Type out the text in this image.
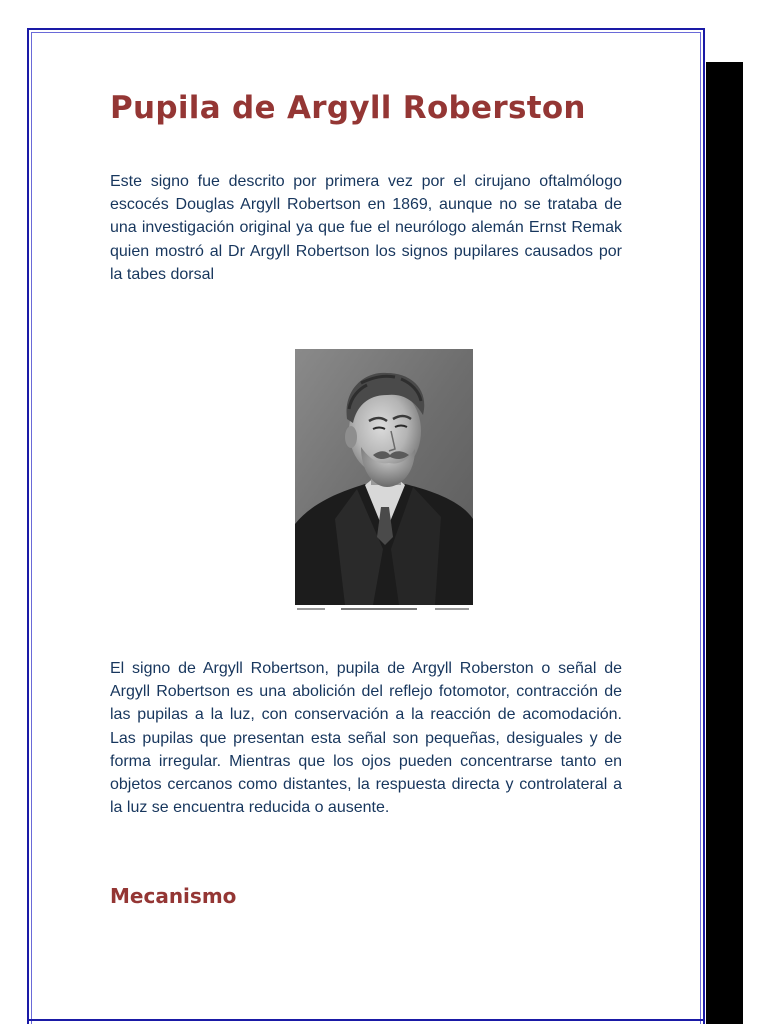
Pupila de Argyll Roberston

Este signo fue descrito por primera vez por el cirujano oftalmólogo escocés Douglas Argyll Robertson en 1869, aunque no se trataba de una investigación original ya que fue el neurólogo alemán Ernst Remak quien mostró al Dr Argyll Robertson los signos pupilares causados por la tabes dorsal

El signo de Argyll Robertson, pupila de Argyll Roberston o señal de Argyll Robertson es una abolición del reflejo fotomotor, contracción de las pupilas a la luz, con conservación a la reacción de acomodación. Las pupilas que presentan esta señal son pequeñas, desiguales y de forma irregular. Mientras que los ojos pueden concentrarse tanto en objetos cercanos como distantes, la respuesta directa y controlateral a la luz se encuentra reducida o ausente.

Mecanismo
